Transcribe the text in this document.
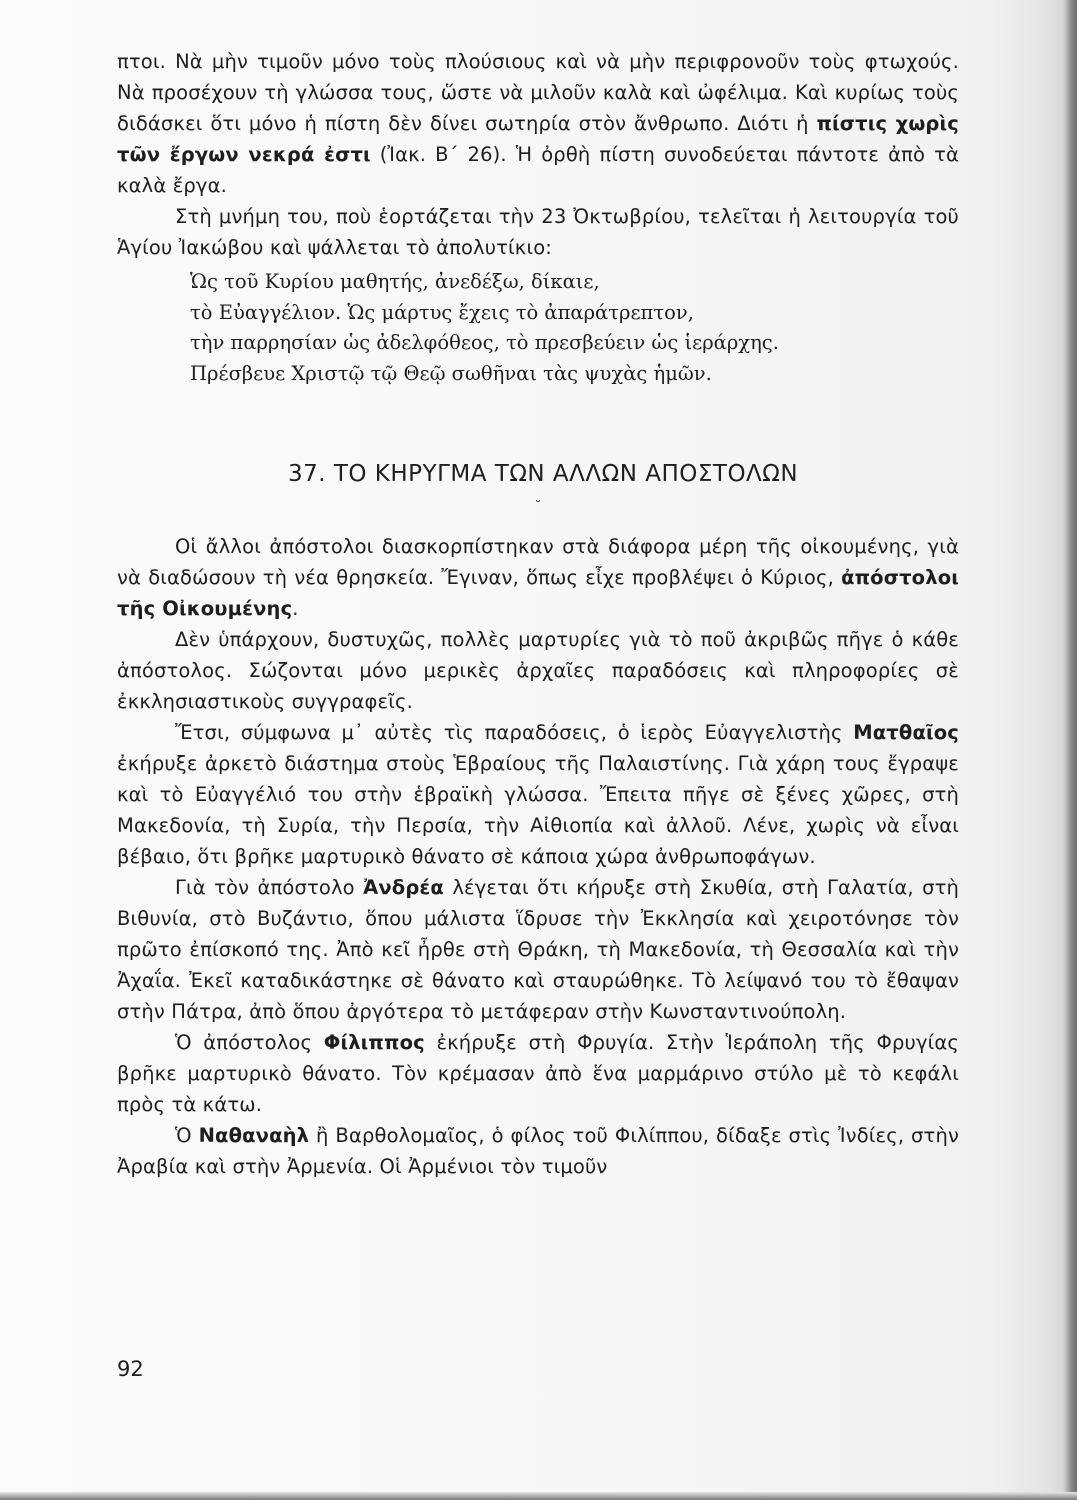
πτοι. Νὰ μὴν τιμοῦν μόνο τοὺς πλούσιους καὶ νὰ μὴν περιφρονοῦν τοὺς φτωχούς. Νὰ προσέχουν τὴ γλώσσα τους, ὥστε νὰ μιλοῦν καλὰ καὶ ὠφέλιμα. Καὶ κυρίως τοὺς διδάσκει ὅτι μόνο ἡ πίστη δὲν δίνει σωτηρία στὸν ἄνθρωπο. Διότι ἡ πίστις χωρὶς τῶν ἔργων νεκρά ἐστι (Ἰακ. Β΄ 26). Ἡ ὀρθὴ πίστη συνοδεύεται πάντοτε ἀπὸ τὰ καλὰ ἔργα.

Στὴ μνήμη του, ποὺ ἑορτάζεται τὴν 23 Ὀκτωβρίου, τελεῖται ἡ λειτουργία τοῦ Ἁγίου Ἰακώβου καὶ ψάλλεται τὸ ἀπολυτίκιο:

Ὡς τοῦ Κυρίου μαθητής, ἀνεδέξω, δίκαιε,
τὸ Εὐαγγέλιον. Ὡς μάρτυς ἔχεις τὸ ἀπαράτρεπτον,
τὴν παρρησίαν ὡς ἀδελφόθεος, τὸ πρεσβεύειν ὡς ἱεράρχης.
Πρέσβευε Χριστῷ τῷ Θεῷ σωθῆναι τὰς ψυχὰς ἡμῶν.
37. ΤΟ ΚΗΡΥΓΜΑ ΤΩΝ ΑΛΛΩΝ ΑΠΟΣΤΟΛΩΝ
˘

Οἱ ἄλλοι ἀπόστολοι διασκορπίστηκαν στὰ διάφορα μέρη τῆς οἰκουμένης, γιὰ νὰ διαδώσουν τὴ νέα θρησκεία. Ἔγιναν, ὅπως εἶχε προβλέψει ὁ Κύριος, ἀπόστολοι τῆς Οἰκουμένης.

Δὲν ὑπάρχουν, δυστυχῶς, πολλὲς μαρτυρίες γιὰ τὸ ποῦ ἀκριβῶς πῆγε ὁ κάθε ἀπόστολος. Σώζονται μόνο μερικὲς ἀρχαῖες παραδόσεις καὶ πληροφορίες σὲ ἐκκλησιαστικοὺς συγγραφεῖς.

Ἔτσι, σύμφωνα μ᾽ αὐτὲς τὶς παραδόσεις, ὁ ἱερὸς Εὐαγγελιστὴς Ματθαῖος ἐκήρυξε ἀρκετὸ διάστημα στοὺς Ἑβραίους τῆς Παλαιστίνης. Γιὰ χάρη τους ἔγραψε καὶ τὸ Εὐαγγέλιό του στὴν ἑβραϊκὴ γλώσσα. Ἔπειτα πῆγε σὲ ξένες χῶρες, στὴ Μακεδονία, τὴ Συρία, τὴν Περσία, τὴν Αἰθιοπία καὶ ἀλλοῦ. Λένε, χωρὶς νὰ εἶναι βέβαιο, ὅτι βρῆκε μαρτυρικὸ θάνατο σὲ κάποια χώρα ἀνθρωποφάγων.

Γιὰ τὸν ἀπόστολο Ἀνδρέα λέγεται ὅτι κήρυξε στὴ Σκυθία, στὴ Γαλατία, στὴ Βιθυνία, στὸ Βυζάντιο, ὅπου μάλιστα ἵδρυσε τὴν Ἐκκλησία καὶ χειροτόνησε τὸν πρῶτο ἐπίσκοπό της. Ἀπὸ κεῖ ἦρθε στὴ Θράκη, τὴ Μακεδονία, τὴ Θεσσαλία καὶ τὴν Ἀχαΐα. Ἐκεῖ καταδικάστηκε σὲ θάνατο καὶ σταυρώθηκε. Τὸ λείψανό του τὸ ἔθαψαν στὴν Πάτρα, ἀπὸ ὅπου ἀργότερα τὸ μετάφεραν στὴν Κωνσταντινούπολη.

Ὁ ἀπόστολος Φίλιππος ἐκήρυξε στὴ Φρυγία. Στὴν Ἱεράπολη τῆς Φρυγίας βρῆκε μαρτυρικὸ θάνατο. Τὸν κρέμασαν ἀπὸ ἕνα μαρμάρινο στύλο μὲ τὸ κεφάλι πρὸς τὰ κάτω.

Ὁ Ναθαναὴλ ἢ Βαρθολομαῖος, ὁ φίλος τοῦ Φιλίππου, δίδαξε στὶς Ἰνδίες, στὴν Ἀραβία καὶ στὴν Ἀρμενία. Οἱ Ἀρμένιοι τὸν τιμοῦν

92
